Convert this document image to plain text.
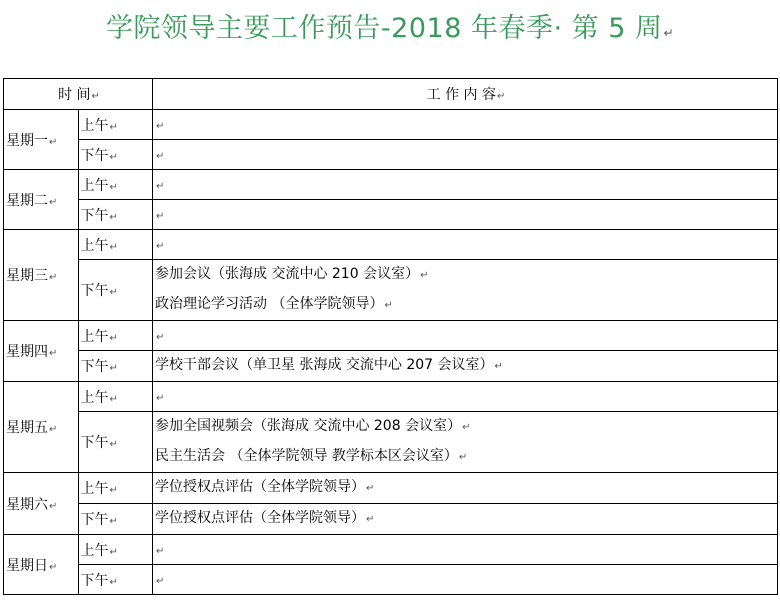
学院领导主要工作预告-2018 年春季· 第 5 周↵
时 间↵		工 作 内 容↵
星期一↵	上午↵	↵
	下午↵	↵
星期二↵	上午↵	↵
	下午↵	↵
星期三↵	上午↵	↵
	下午↵	参加会议（张海成 交流中心 210 会议室）↵
政治理论学习活动 （全体学院领导）↵

星期四↵	上午↵	↵
	下午↵	学校干部会议（单卫星 张海成 交流中心 207 会议室）↵

星期五↵	上午↵	↵
	下午↵	参加全国视频会（张海成 交流中心 208 会议室）↵
民主生活会 （全体学院领导 教学标本区会议室）↵

星期六↵	上午↵	学位授权点评估（全体学院领导）↵

	下午↵	学位授权点评估（全体学院领导）↵

星期日↵	上午↵	↵
	下午↵	↵
